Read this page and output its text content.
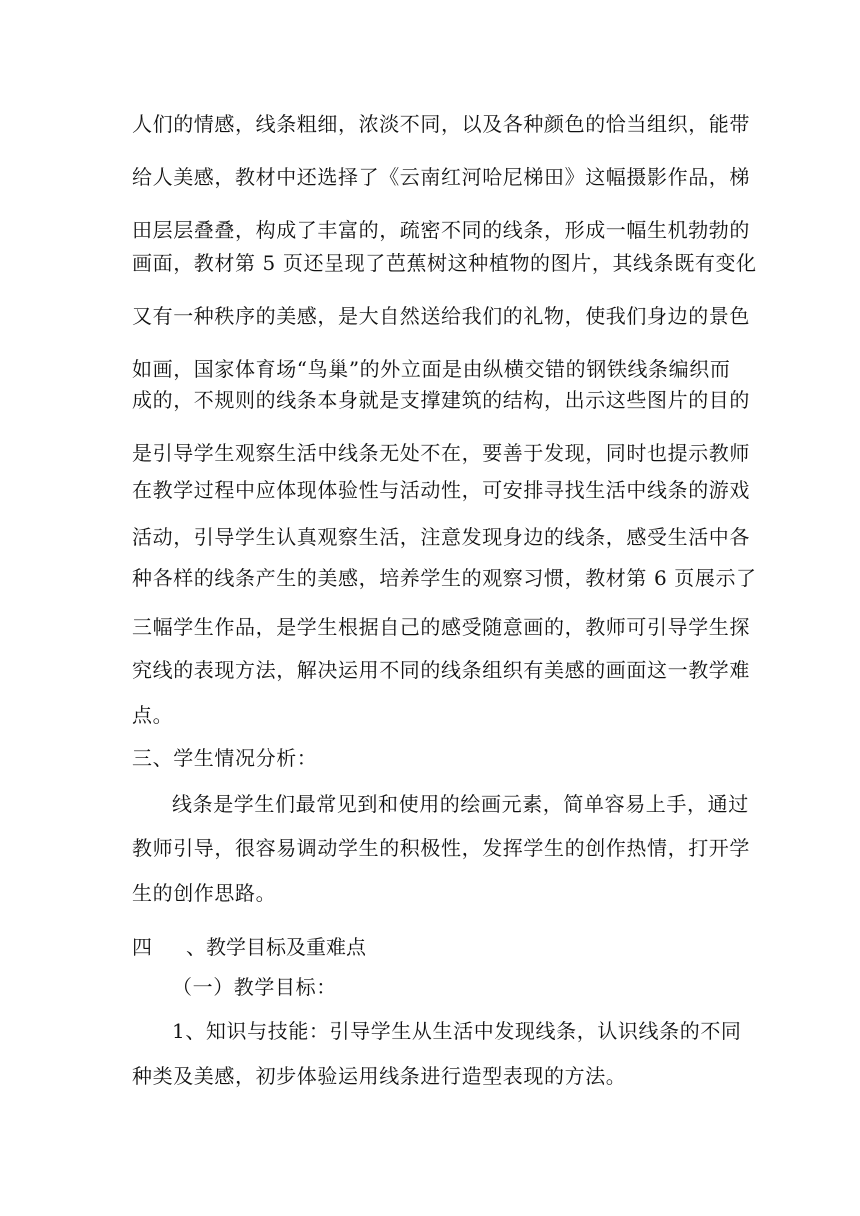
人们的情感，线条粗细，浓淡不同，以及各种颜色的恰当组织，能带
给人美感，教材中还选择了《云南红河哈尼梯田》这幅摄影作品，梯
田层层叠叠，构成了丰富的，疏密不同的线条，形成一幅生机勃勃的
画面，教材第 5 页还呈现了芭蕉树这种植物的图片，其线条既有变化
又有一种秩序的美感，是大自然送给我们的礼物，使我们身边的景色
如画，国家体育场“鸟巢”的外立面是由纵横交错的钢铁线条编织而
成的，不规则的线条本身就是支撑建筑的结构，出示这些图片的目的
是引导学生观察生活中线条无处不在，要善于发现，同时也提示教师
在教学过程中应体现体验性与活动性，可安排寻找生活中线条的游戏
活动，引导学生认真观察生活，注意发现身边的线条，感受生活中各
种各样的线条产生的美感，培养学生的观察习惯，教材第 6 页展示了
三幅学生作品，是学生根据自己的感受随意画的，教师可引导学生探
究线的表现方法，解决运用不同的线条组织有美感的画面这一教学难
点。
三、学生情况分析：
线条是学生们最常见到和使用的绘画元素，简单容易上手，通过
教师引导，很容易调动学生的积极性，发挥学生的创作热情，打开学
生的创作思路。
四 、教学目标及重难点
（一）教学目标：
1、知识与技能：引导学生从生活中发现线条，认识线条的不同
种类及美感，初步体验运用线条进行造型表现的方法。
